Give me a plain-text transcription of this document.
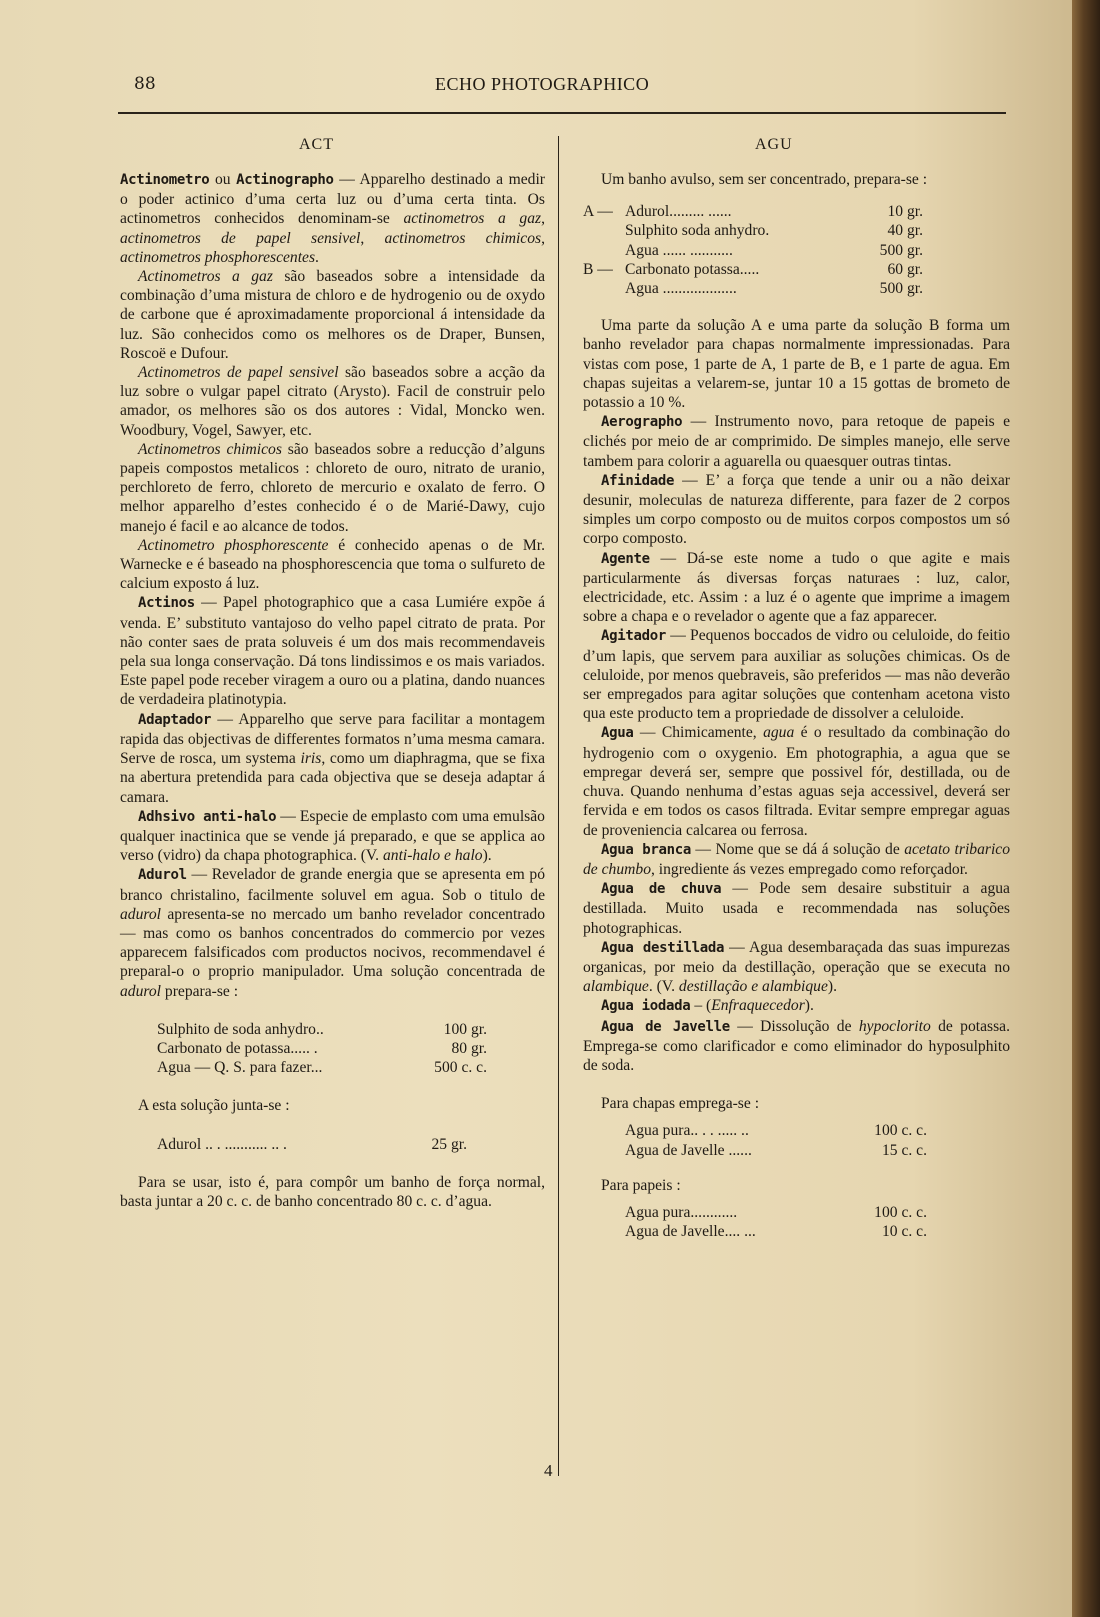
88	ECHO PHOTOGRAPHICO
ACT	AGU

Actinometro ou Actinographo — Apparelho destinado a medir o poder actinico d’uma certa luz ou d’uma certa tinta. Os actinometros conhecidos denominam-se actinometros a gaz, actinometros de papel sensivel, actinometros chimicos, actinometros phosphorescentes.

Actinometros a gaz são baseados sobre a intensidade da combinação d’uma mistura de chloro e de hydrogenio ou de oxydo de carbone que é aproximadamente proporcional á intensidade da luz. São conhecidos como os melhores os de Draper, Bunsen, Roscoë e Dufour.

Actinometros de papel sensivel são baseados sobre a acção da luz sobre o vulgar papel citrato (Arysto). Facil de construir pelo amador, os melhores são os dos autores : Vidal, Moncko wen. Woodbury, Vogel, Sawyer, etc.

Actinometros chimicos são baseados sobre a reducção d’alguns papeis compostos metalicos : chloreto de ouro, nitrato de uranio, perchloreto de ferro, chloreto de mercurio e oxalato de ferro. O melhor apparelho d’estes conhecido é o de Marié-Dawy, cujo manejo é facil e ao alcance de todos.

Actinometro phosphorescente é conhecido apenas o de Mr. Warnecke e é baseado na phosphorescencia que toma o sulfureto de calcium exposto á luz.

Actinos — Papel photographico que a casa Lumiére expõe á venda. E’ substituto vantajoso do velho papel citrato de prata. Por não conter saes de prata soluveis é um dos mais recommendaveis pela sua longa conservação. Dá tons lindissimos e os mais variados. Este papel pode receber viragem a ouro ou a platina, dando nuances de verdadeira platinotypia.

Adaptador — Apparelho que serve para facilitar a montagem rapida das objectivas de differentes formatos n’uma mesma camara. Serve de rosca, um systema iris, como um diaphragma, que se fixa na abertura pretendida para cada objectiva que se deseja adaptar á camara.

Adhsivo anti-halo — Especie de emplasto com uma emulsão qualquer inactinica que se vende já preparado, e que se applica ao verso (vidro) da chapa photographica. (V. anti-halo e halo).

Adurol — Revelador de grande energia que se apresenta em pó branco christalino, facilmente soluvel em agua. Sob o titulo de adurol apresenta-se no mercado um banho revelador concentrado — mas como os banhos concentrados do commercio por vezes apparecem falsificados com productos nocivos, recommendavel é preparal-o o proprio manipulador. Uma solução concentrada de adurol prepara-se :

Sulphito de soda anhydro..	100 gr.
Carbonato de potassa..... .	80 gr.
Agua — Q. S. para fazer...	500 c. c.

A esta solução junta-se :

Adurol .. . ........... .. .	25 gr.

Para se usar, isto é, para compôr um banho de força normal, basta juntar a 20 c. c. de banho concentrado 80 c. c. d’agua.

Um banho avulso, sem ser concentrado, prepara-se :

A —	Adurol......... ......	10 gr.
	Sulphito soda anhydro.	40 gr.
	Agua ...... ...........	500 gr.
B —	Carbonato potassa.....	60 gr.
	Agua ...................	500 gr.

Uma parte da solução A e uma parte da solução B forma um banho revelador para chapas normalmente impressionadas. Para vistas com pose, 1 parte de A, 1 parte de B, e 1 parte de agua. Em chapas sujeitas a velarem-se, juntar 10 a 15 gottas de brometo de potassio a 10 %.

Aerographo — Instrumento novo, para retoque de papeis e clichés por meio de ar comprimido. De simples manejo, elle serve tambem para colorir a aguarella ou quaesquer outras tintas.

Afinidade — E’ a força que tende a unir ou a não deixar desunir, moleculas de natureza differente, para fazer de 2 corpos simples um corpo composto ou de muitos corpos compostos um só corpo composto.

Agente — Dá-se este nome a tudo o que agite e mais particularmente ás diversas forças naturaes : luz, calor, electricidade, etc. Assim : a luz é o agente que imprime a imagem sobre a chapa e o revelador o agente que a faz apparecer.

Agitador — Pequenos boccados de vidro ou celuloide, do feitio d’um lapis, que servem para auxiliar as soluções chimicas. Os de celuloide, por menos quebraveis, são preferidos — mas não deverão ser empregados para agitar soluções que contenham acetona visto qua este producto tem a propriedade de dissolver a celuloide.

Agua — Chimicamente, agua é o resultado da combinação do hydrogenio com o oxygenio. Em photographia, a agua que se empregar deverá ser, sempre que possivel fór, destillada, ou de chuva. Quando nenhuma d’estas aguas seja accessivel, deverá ser fervida e em todos os casos filtrada. Evitar sempre empregar aguas de proveniencia calcarea ou ferrosa.

Agua branca — Nome que se dá á solução de acetato tribarico de chumbo, ingrediente ás vezes empregado como reforçador.

Agua de chuva — Pode sem desaire substituir a agua destillada. Muito usada e recommendada nas soluções photographicas.

Agua destillada — Agua desembaraçada das suas impurezas organicas, por meio da destillação, operação que se executa no alambique. (V. destillação e alambique).

Agua iodada – (Enfraquecedor).

Agua de Javelle — Dissolução de hypoclorito de potassa. Emprega-se como clarificador e como eliminador do hyposulphito de soda.

Para chapas emprega-se :

Agua pura.. . . ..... ..	100 c. c.
Agua de Javelle ......	15 c. c.

Para papeis :

Agua pura............	100 c. c.
Agua de Javelle.... ...	10 c. c.
4
